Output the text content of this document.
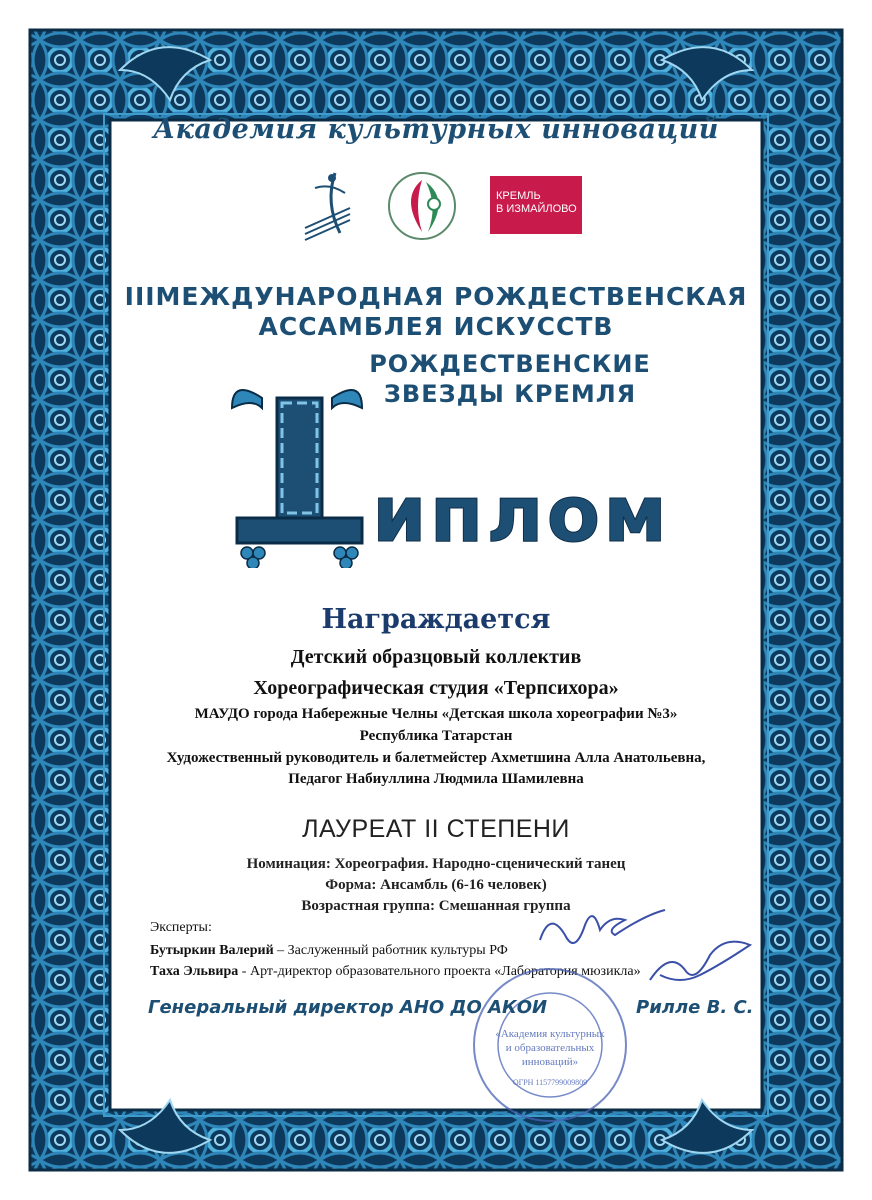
Академия культурных инноваций
КРЕМЛЬ
В ИЗМАЙЛОВО
IIIМЕЖДУНАРОДНАЯ РОЖДЕСТВЕНСКАЯ
АССАМБЛЕЯ ИСКУССТВ
РОЖДЕСТВЕНСКИЕ
ЗВЕЗДЫ КРЕМЛЯ
иплом
Награждается
Детский образцовый коллектив
Хореографическая студия «Терпсихора»
МАУДО города Набережные Челны «Детская школа хореографии №3»
Республика Татарстан
Художественный руководитель и балетмейстер Ахметшина Алла Анатольевна,
Педагог Набиуллина Людмила Шамилевна
ЛАУРЕАТ II СТЕПЕНИ
Номинация: Хореография. Народно-сценический танец
Форма: Ансамбль (6-16 человек)
Возрастная группа: Смешанная группа
Эксперты:
Бутыркин Валерий – Заслуженный работник культуры РФ
Таха Эльвира - Арт-директор образовательного проекта «Лаборатория мюзикла»
«Академия культурных
и образовательных
инноваций»
ОГРН 1157799009809
Генеральный директор АНО ДО АКОИ	Рилле В. С.
